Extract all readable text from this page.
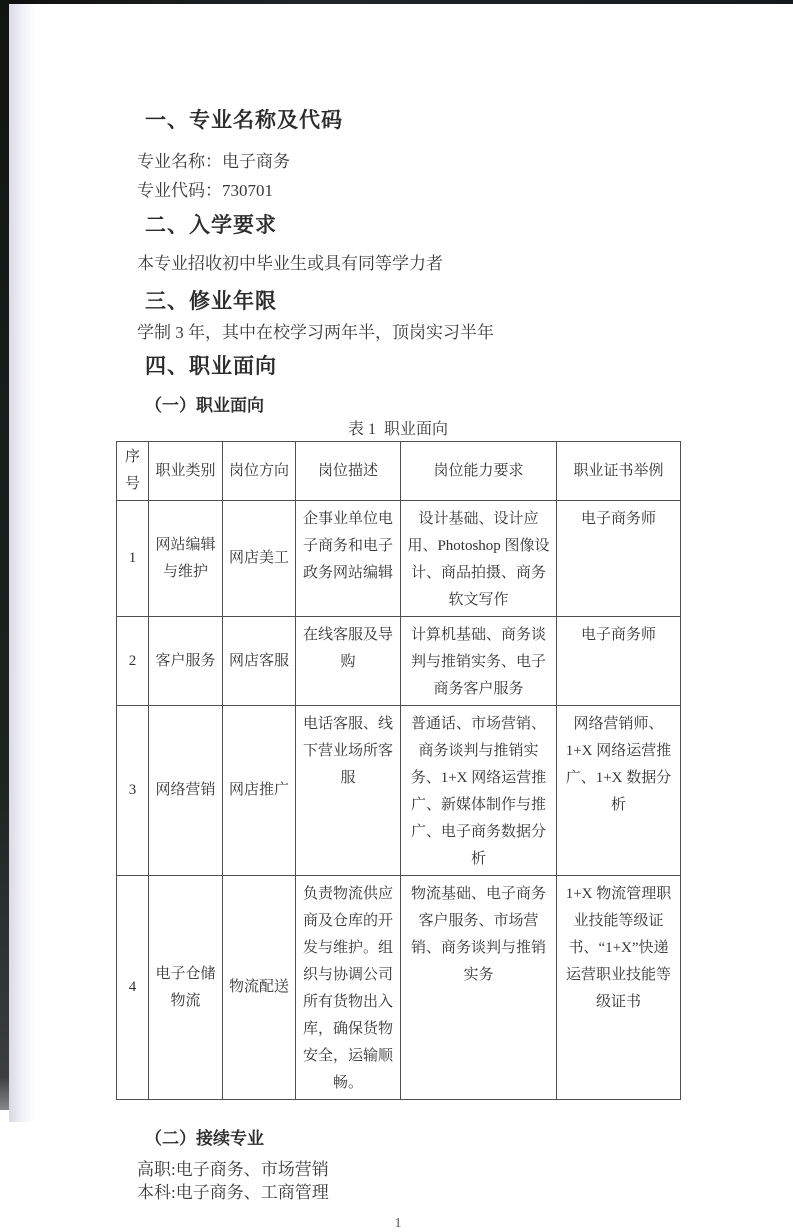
一、专业名称及代码

专业名称：电子商务

专业代码：730701

二、入学要求

本专业招收初中毕业生或具有同等学力者

三、修业年限

学制 3 年，其中在校学习两年半，顶岗实习半年

四、职业面向
（一）职业面向

表 1  职业面向

序号	职业类别	岗位方向	岗位描述	岗位能力要求	职业证书举例
1	网站编辑与维护	网店美工	企事业单位电子商务和电子政务网站编辑	设计基础、设计应用、Photoshop 图像设计、商品拍摄、商务软文写作	电子商务师
2	客户服务	网店客服	在线客服及导购	计算机基础、商务谈判与推销实务、电子商务客户服务	电子商务师
3	网络营销	网店推广	电话客服、线下营业场所客服	普通话、市场营销、商务谈判与推销实务、1+X 网络运营推广、新媒体制作与推广、电子商务数据分析	网络营销师、1+X 网络运营推广、1+X 数据分析
4	电子仓储物流	物流配送	负责物流供应商及仓库的开发与维护。组织与协调公司所有货物出入库，确保货物安全，运输顺畅。	物流基础、电子商务客户服务、市场营销、商务谈判与推销实务	1+X 物流管理职业技能等级证书、“1+X”快递运营职业技能等级证书
（二）接续专业

高职:电子商务、市场营销

本科:电子商务、工商管理

1
